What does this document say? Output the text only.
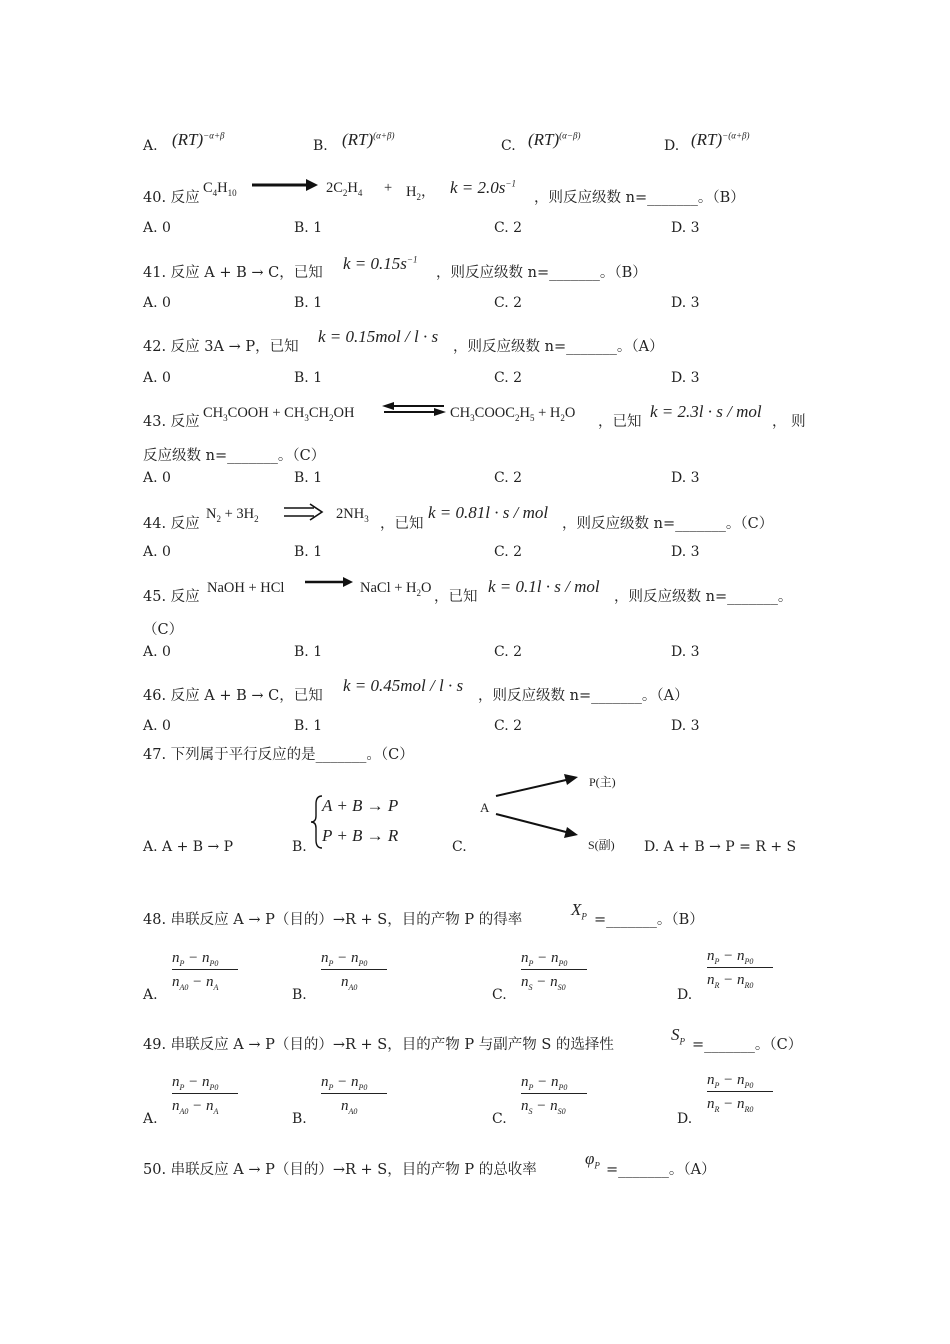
A. (RT)$^{-\alpha+\beta}$
B. (RT)$^{(\alpha+\beta)}$
C. (RT)$^{(\alpha-\beta)}$
D. (RT)$^{-(\alpha+\beta)}$
40. 反应
$C_4H_{10}$	$2C_2H_4 + H_2$， $k = 2.0s^{-1}$
，则反应级数 n=_______。（B）
A. 0	B. 1	C. 2	D. 3
41. 反应 A + B → C，已知 $k = 0.15s^{-1}$
，则反应级数 n=_______。（B）
A. 0	B. 1	C. 2	D. 3
42. 反应 3A → P，已知
k = 0.15mol / l · s
，则反应级数 n=_______。（A）
A. 0	B. 1	C. 2	D. 3
43. 反应
$CH_3COOH + CH_3CH_2OH$	$CH_3COOC_2H_5 + H_2O$
，已知
k = 2.3l · s / mol
， 则
反应级数 n=_______。（C）
A. 0	B. 1	C. 2	D. 3
44. 反应
$N_2 + 3H_2$	$2NH_3$ ，已知
k = 0.81l · s / mol
，则反应级数 n=_______。（C）
A. 0	B. 1	C. 2	D. 3
45. 反应
NaOH + HCl	NaCl + $H_2O$
，已知
k = 0.1l · s / mol
，则反应级数 n=_______。
（C）
A. 0	B. 1	C. 2	D. 3
46. 反应 A + B → C，已知
k = 0.45mol / l · s
，则反应级数 n=_______。（A）
A. 0	B. 1	C. 2	D. 3
47. 下列属于平行反应的是_______。（C）
A. A + B → P	B.
A + B → P
P + B → R
C.
A
P(主)
S(副) D. A + B → P = R + S
48. 串联反应 A → P（目的）→R + S，目的产物 P 的得率
$X_P$ =_______。（B）
A.
$n_P - n_{P0}$
$n_{A0} - n_A$	B.
$n_P - n_{P0}$
$n_{A0}$	C.
$n_P - n_{P0}$
$n_S - n_{S0}$	D.
$n_P - n_{P0}$
$n_R - n_{R0}$
49. 串联反应 A → P（目的）→R + S，目的产物 P 与副产物 S 的选择性
$S_P$ =_______。（C）
A.
$n_P - n_{P0}$
$n_{A0} - n_A$	B.
$n_P - n_{P0}$
$n_{A0}$	C.
$n_P - n_{P0}$
$n_S - n_{S0}$	D.
$n_P - n_{P0}$
$n_R - n_{R0}$
50. 串联反应 A → P（目的）→R + S，目的产物 P 的总收率
$\varphi_P$ =_______。（A）
